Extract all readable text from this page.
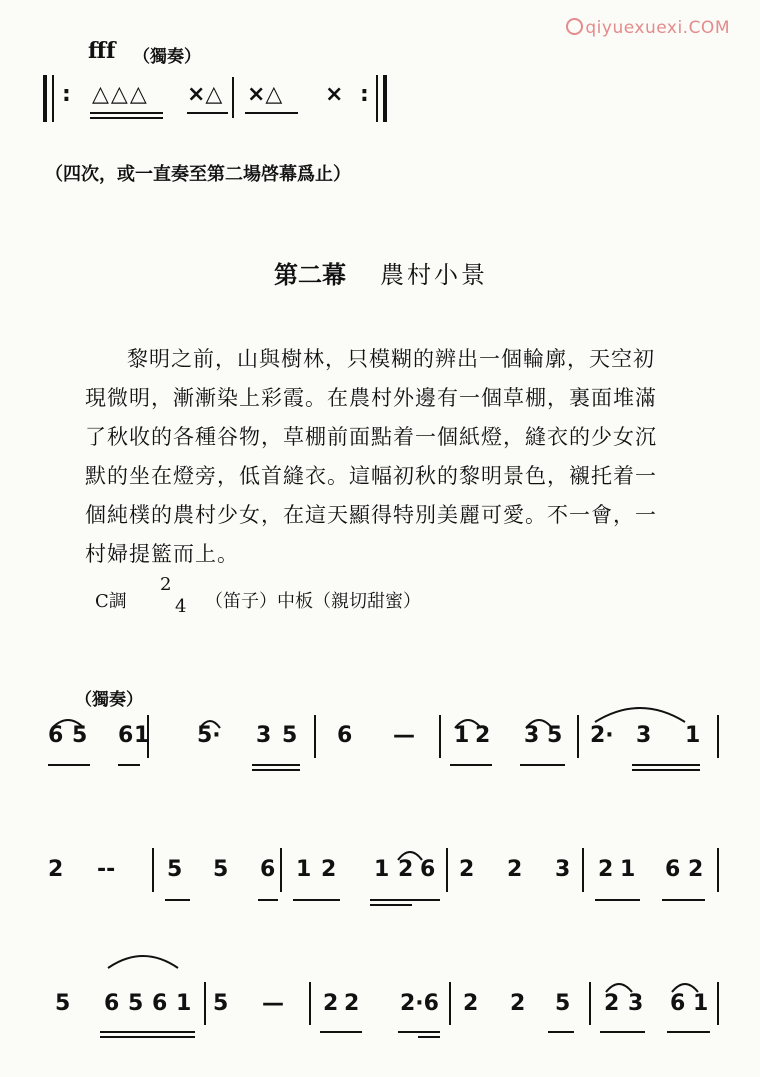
qiyuexuexi.COM
fff （獨奏）
: △△△ ×△ ×△ × :
（四次，或一直奏至第二場啓幕爲止）
第二幕 農村小景
黎明之前，山與樹林，只模糊的辨出一個輪廓，天空初現微明，漸漸染上彩霞。在農村外邊有一個草棚，裏面堆滿了秋收的各種谷物，草棚前面點着一個紙燈，縫衣的少女沉默的坐在燈旁，低首縫衣。這幅初秋的黎明景色，襯托着一個純樸的農村少女，在這天顯得特別美麗可愛。不一會，一村婦提籃而上。
C調
2
4 （笛子）中板（親切甜蜜）
（獨奏）
6 5 6 1 5· 3 5 6 — 1 2 3 5 2· 3 1
2 -- 5 5 6 1 2 1 2 6 2 2 3 2 1 6 2
5 6 5 6 1 5 — 2 2 2·6 2 2 5 2 3 6 1
